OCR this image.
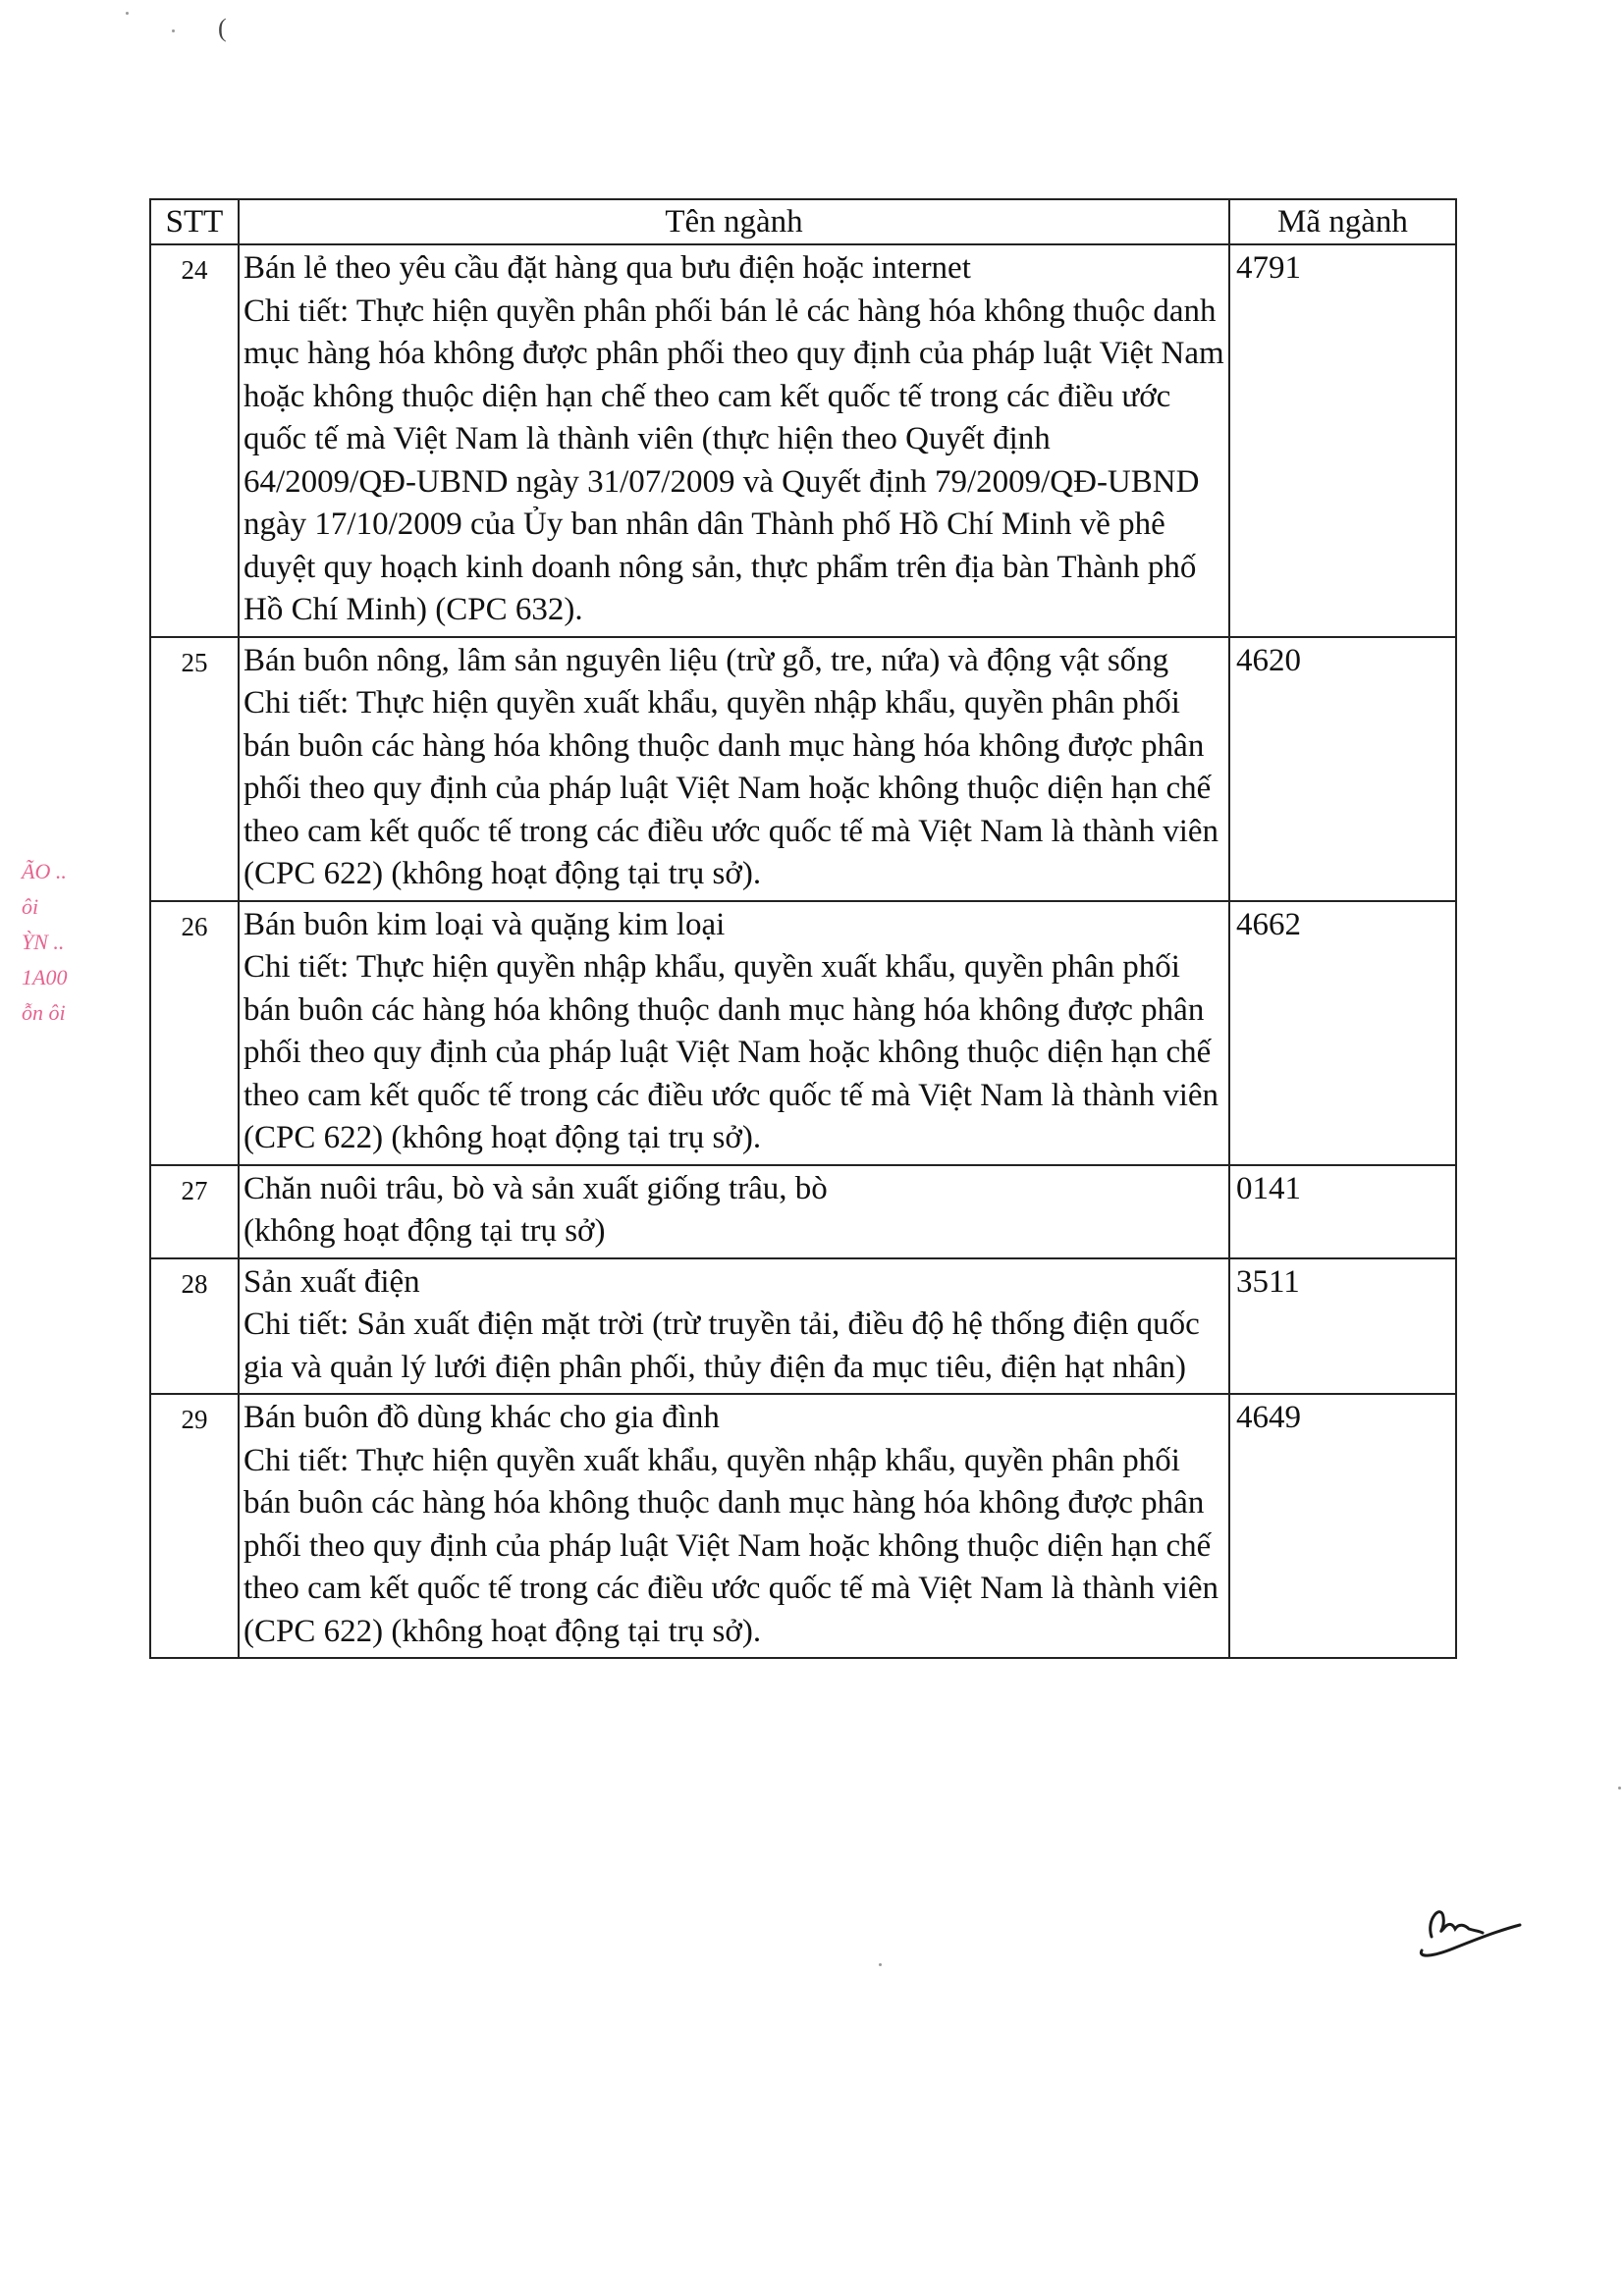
(
ÃO ..
ôi
ỲN ..
1A00
ỗn ôi
STT	Tên ngành	Mã ngành
24	Bán lẻ theo yêu cầu đặt hàng qua bưu điện hoặc internet
Chi tiết: Thực hiện quyền phân phối bán lẻ các hàng hóa không thuộc danh mục hàng hóa không được phân phối theo quy định của pháp luật Việt Nam hoặc không thuộc diện hạn chế theo cam kết quốc tế trong các điều ước quốc tế mà Việt Nam là thành viên (thực hiện theo Quyết định 64/2009/QĐ-UBND ngày 31/07/2009 và Quyết định 79/2009/QĐ-UBND ngày 17/10/2009 của Ủy ban nhân dân Thành phố Hồ Chí Minh về phê duyệt quy hoạch kinh doanh nông sản, thực phẩm trên địa bàn Thành phố Hồ Chí Minh) (CPC 632).	4791
25	Bán buôn nông, lâm sản nguyên liệu (trừ gỗ, tre, nứa) và động vật sống
Chi tiết: Thực hiện quyền xuất khẩu, quyền nhập khẩu, quyền phân phối bán buôn các hàng hóa không thuộc danh mục hàng hóa không được phân phối theo quy định của pháp luật Việt Nam hoặc không thuộc diện hạn chế theo cam kết quốc tế trong các điều ước quốc tế mà Việt Nam là thành viên (CPC 622) (không hoạt động tại trụ sở).	4620
26	Bán buôn kim loại và quặng kim loại
Chi tiết: Thực hiện quyền nhập khẩu, quyền xuất khẩu, quyền phân phối bán buôn các hàng hóa không thuộc danh mục hàng hóa không được phân phối theo quy định của pháp luật Việt Nam hoặc không thuộc diện hạn chế theo cam kết quốc tế trong các điều ước quốc tế mà Việt Nam là thành viên (CPC 622) (không hoạt động tại trụ sở).	4662
27	Chăn nuôi trâu, bò và sản xuất giống trâu, bò
(không hoạt động tại trụ sở)	0141
28	Sản xuất điện
Chi tiết: Sản xuất điện mặt trời (trừ truyền tải, điều độ hệ thống điện quốc gia và quản lý lưới điện phân phối, thủy điện đa mục tiêu, điện hạt nhân)	3511
29	Bán buôn đồ dùng khác cho gia đình
Chi tiết: Thực hiện quyền xuất khẩu, quyền nhập khẩu, quyền phân phối bán buôn các hàng hóa không thuộc danh mục hàng hóa không được phân phối theo quy định của pháp luật Việt Nam hoặc không thuộc diện hạn chế theo cam kết quốc tế trong các điều ước quốc tế mà Việt Nam là thành viên (CPC 622) (không hoạt động tại trụ sở).	4649
